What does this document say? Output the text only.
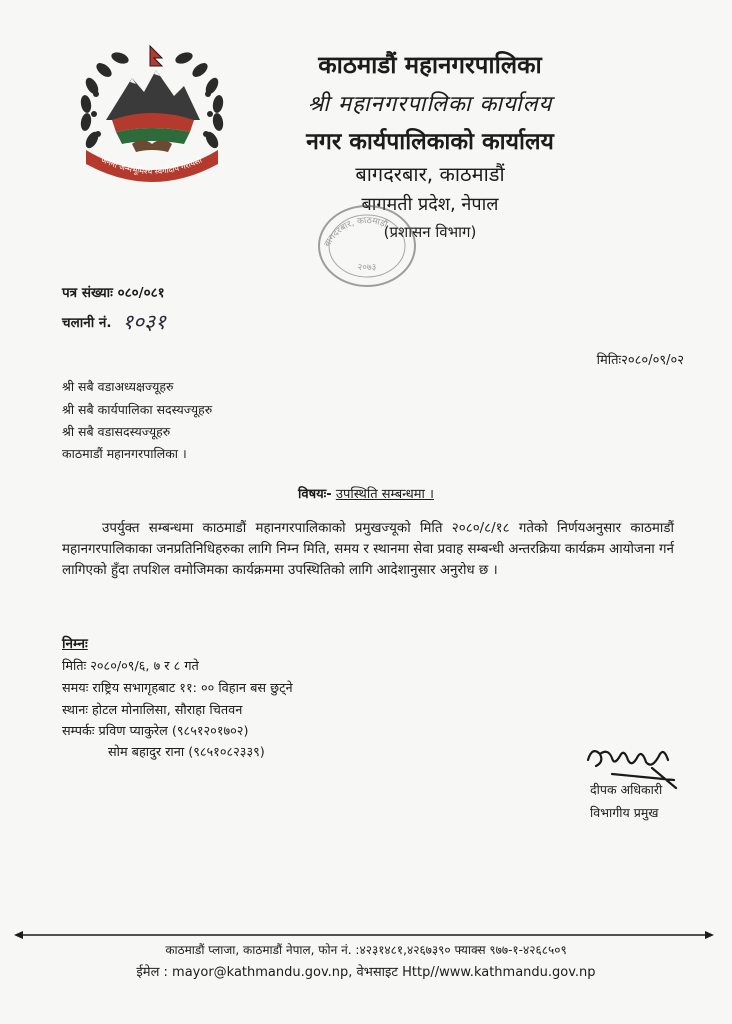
जननी जन्मभूमिश्च स्वर्गादपि गरीयसी
काठमाडौं महानगरपालिका
श्री महानगरपालिका कार्यालय
नगर कार्यपालिकाको कार्यालय
बागदरबार, काठमाडौं
बागमती प्रदेश, नेपाल
(प्रशासन विभाग)
बागदरबार, काठमाडौं
२०७३
पत्र संख्याः ०८०/०८१
चलानी नं. १०३१
मितिः२०८०/०९/०२
श्री सबै वडाअध्यक्षज्यूहरु
श्री सबै कार्यपालिका सदस्यज्यूहरु
श्री सबै वडासदस्यज्यूहरु
काठमाडौं महानगरपालिका ।
विषयः- उपस्थिति सम्बन्धमा ।

उपर्युक्त सम्बन्धमा काठमाडौं महानगरपालिकाको प्रमुखज्यूको मिति २०८०/८/१८ गतेको निर्णयअनुसार काठमाडौं महानगरपालिकाका जनप्रतिनिधिहरुका लागि निम्न मिति, समय र स्थानमा सेवा प्रवाह सम्बन्धी अन्तरक्रिया कार्यक्रम आयोजना गर्न लागिएको हुँदा तपशिल वमोजिमका कार्यक्रममा उपस्थितिको लागि आदेशानुसार अनुरोध छ ।

निम्नः
मितिः २०८०/०९/६, ७ र ८ गते
समयः राष्ट्रिय सभागृहबाट ११: ०० विहान बस छुट्ने
स्थानः होटल मोनालिसा, सौराहा चितवन
सम्पर्कः प्रविण प्याकुरेल (९८५१२०१७०२)
सोम बहादुर राना (९८५१०८२३३९)
दीपक अधिकारी
विभागीय प्रमुख
काठमाडौं प्लाजा, काठमाडौं नेपाल, फोन नं. :४२३१४८१,४२६७३९० फ्याक्स ९७७-१-४२६८५०९
ईमेल : mayor@kathmandu.gov.np, वेभसाइट Http//www.kathmandu.gov.np
